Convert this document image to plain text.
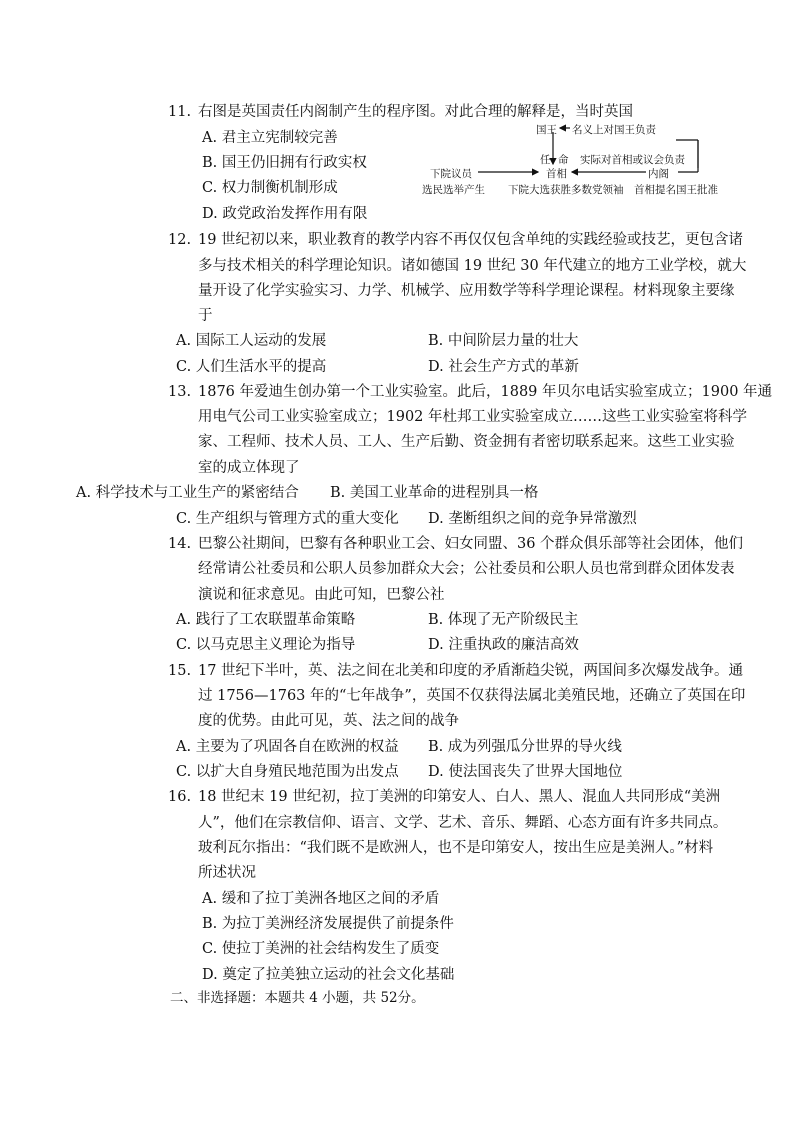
11. 右图是英国责任内阁制产生的程序图。对此合理的解释是，当时英国
A. 君主立宪制较完善
B. 国王仍旧拥有行政实权
C. 权力制衡机制形成
D. 政党政治发挥作用有限
国王 名义上对国王负责
任 命 实际对首相或议会负责
下院议员	首相	内阁
选民选举产生 下院大选获胜多数党领袖 首相提名国王批准
12. 19 世纪初以来，职业教育的教学内容不再仅仅包含单纯的实践经验或技艺，更包含诸
多与技术相关的科学理论知识。诸如德国 19 世纪 30 年代建立的地方工业学校，就大
量开设了化学实验实习、力学、机械学、应用数学等科学理论课程。材料现象主要缘
于
A. 国际工人运动的发展	B. 中间阶层力量的壮大
C. 人们生活水平的提高	D. 社会生产方式的革新
13. 1876 年爱迪生创办第一个工业实验室。此后，1889 年贝尔电话实验室成立；1900 年通
用电气公司工业实验室成立；1902 年杜邦工业实验室成立……这些工业实验室将科学
家、工程师、技术人员、工人、生产后勤、资金拥有者密切联系起来。这些工业实验
室的成立体现了
A. 科学技术与工业生产的紧密结合 B. 美国工业革命的进程别具一格
C. 生产组织与管理方式的重大变化 D. 垄断组织之间的竞争异常激烈
14. 巴黎公社期间，巴黎有各种职业工会、妇女同盟、36 个群众俱乐部等社会团体，他们
经常请公社委员和公职人员参加群众大会；公社委员和公职人员也常到群众团体发表
演说和征求意见。由此可知，巴黎公社
A. 践行了工农联盟革命策略	B. 体现了无产阶级民主
C. 以马克思主义理论为指导	D. 注重执政的廉洁高效
15. 17 世纪下半叶，英、法之间在北美和印度的矛盾渐趋尖锐，两国间多次爆发战争。通
过 1756—1763 年的“七年战争”，英国不仅获得法属北美殖民地，还确立了英国在印
度的优势。由此可见，英、法之间的战争
A. 主要为了巩固各自在欧洲的权益 B. 成为列强瓜分世界的导火线
C. 以扩大自身殖民地范围为出发点 D. 使法国丧失了世界大国地位
16. 18 世纪末 19 世纪初，拉丁美洲的印第安人、白人、黑人、混血人共同形成“美洲
人”，他们在宗教信仰、语言、文学、艺术、音乐、舞蹈、心态方面有许多共同点。
玻利瓦尔指出：“我们既不是欧洲人，也不是印第安人，按出生应是美洲人。”材料
所述状况
A. 缓和了拉丁美洲各地区之间的矛盾
B. 为拉丁美洲经济发展提供了前提条件
C. 使拉丁美洲的社会结构发生了质变
D. 奠定了拉美独立运动的社会文化基础
二、非选择题：本题共 4 小题，共 52分。
